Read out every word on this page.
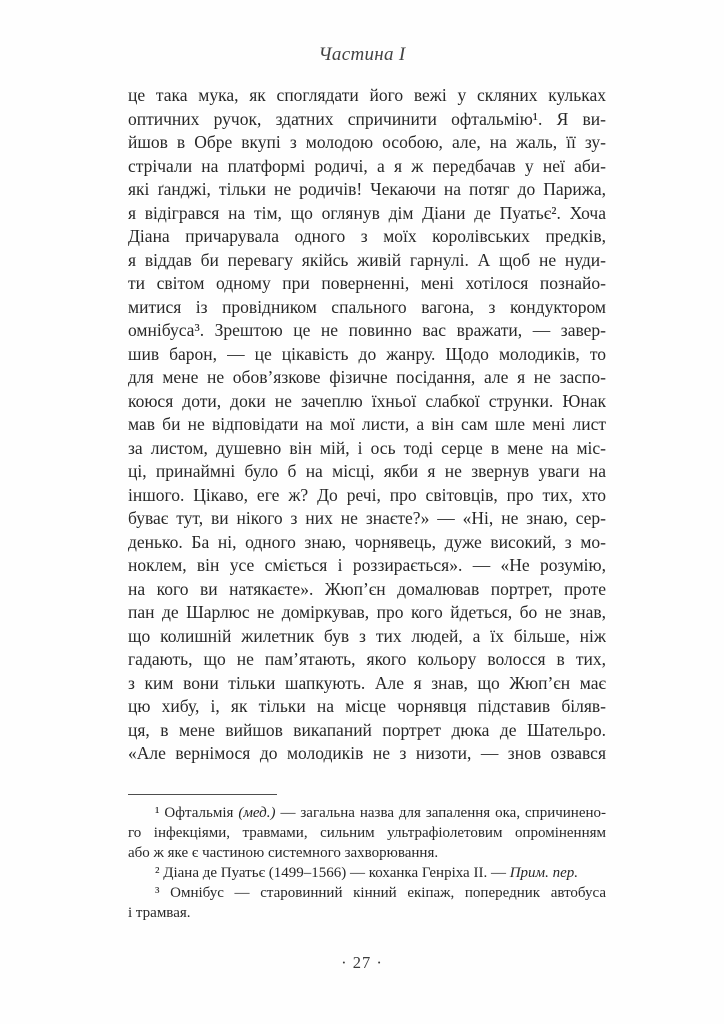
Частина I
це така мука, як споглядати його вежі у скляних кульках
оптичних ручок, здатних спричинити офтальмію¹. Я ви-
йшов в Обре вкупі з молодою особою, але, на жаль, її зу-
стрічали на платформі родичі, а я ж передбачав у неї аби-
які ґанджі, тільки не родичів! Чекаючи на потяг до Парижа,
я відігрався на тім, що оглянув дім Діани де Пуатьє². Хоча
Діана причарувала одного з моїх королівських предків,
я віддав би перевагу якійсь живій гарнулі. А щоб не нуди-
ти світом одному при поверненні, мені хотілося познайо-
митися із провідником спального вагона, з кондуктором
омнібуса³. Зрештою це не повинно вас вражати, — завер-
шив барон, — це цікавість до жанру. Щодо молодиків, то
для мене не обов’язкове фізичне посідання, але я не заспо-
коюся доти, доки не зачеплю їхньої слабкої струнки. Юнак
мав би не відповідати на мої листи, а він сам шле мені лист
за листом, душевно він мій, і ось тоді серце в мене на міс-
ці, принаймні було б на місці, якби я не звернув уваги на
іншого. Цікаво, еге ж? До речі, про світовців, про тих, хто
буває тут, ви нікого з них не знаєте?» — «Ні, не знаю, сер-
денько. Ба ні, одного знаю, чорнявець, дуже високий, з мо-
ноклем, він усе сміється і роззирається». — «Не розумію,
на кого ви натякаєте». Жюп’єн домалював портрет, проте
пан де Шарлюс не доміркував, про кого йдеться, бо не знав,
що колишній жилетник був з тих людей, а їх більше, ніж
гадають, що не пам’ятають, якого кольору волосся в тих,
з ким вони тільки шапкують. Але я знав, що Жюп’єн має
цю хибу, і, як тільки на місце чорнявця підставив біляв-
ця, в мене вийшов викапаний портрет дюка де Шательро.
«Але вернімося до молодиків не з низоти, — знов озвався
¹ Офтальмія (мед.) — загальна назва для запалення ока, спричинено-
го інфекціями, травмами, сильним ультрафіолетовим опроміненням
або ж яке є частиною системного захворювання.
² Діана де Пуатьє (1499–1566) — коханка Генріха II. — Прим. пер.
³ Омнібус — старовинний кінний екіпаж, попередник автобуса
і трамвая.
· 27 ·
